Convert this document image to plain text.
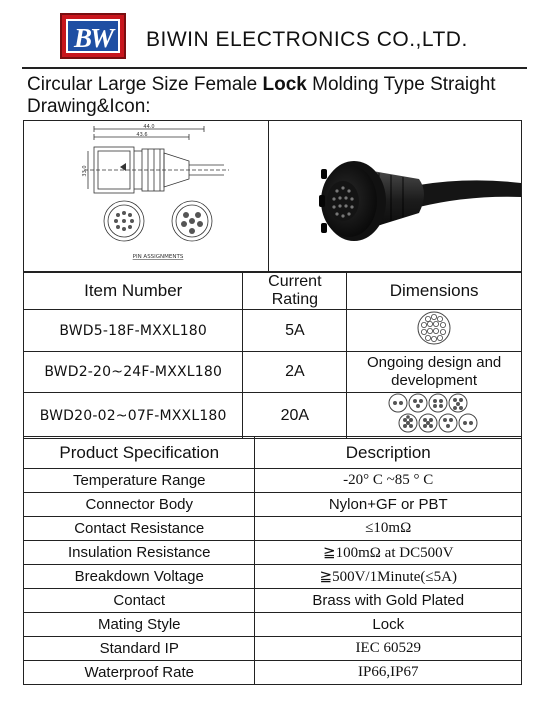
BW BIWIN ELECTRONICS CO.,LTD.
Circular Large Size Female Lock Molding Type Straight
Drawing&Icon:
44.0
43.6
33.0
PIN ASSIGNMENTS
Item Number	Current Rating	Dimensions
BWD5-18F-MXXL180	5A	
BWD2-20~24F-MXXL180	2A	Ongoing design and development
BWD20-02~07F-MXXL180	20A	
Product Specification	Description
Temperature Range	-20° C ~85 ° C
Connector Body	Nylon+GF or PBT
Contact Resistance	≤10mΩ
Insulation Resistance	≧100mΩ at DC500V
Breakdown Voltage	≧500V/1Minute(≤5A)
Contact	Brass with Gold Plated
Mating Style	Lock
Standard IP	IEC 60529
Waterproof Rate	IP66,IP67
